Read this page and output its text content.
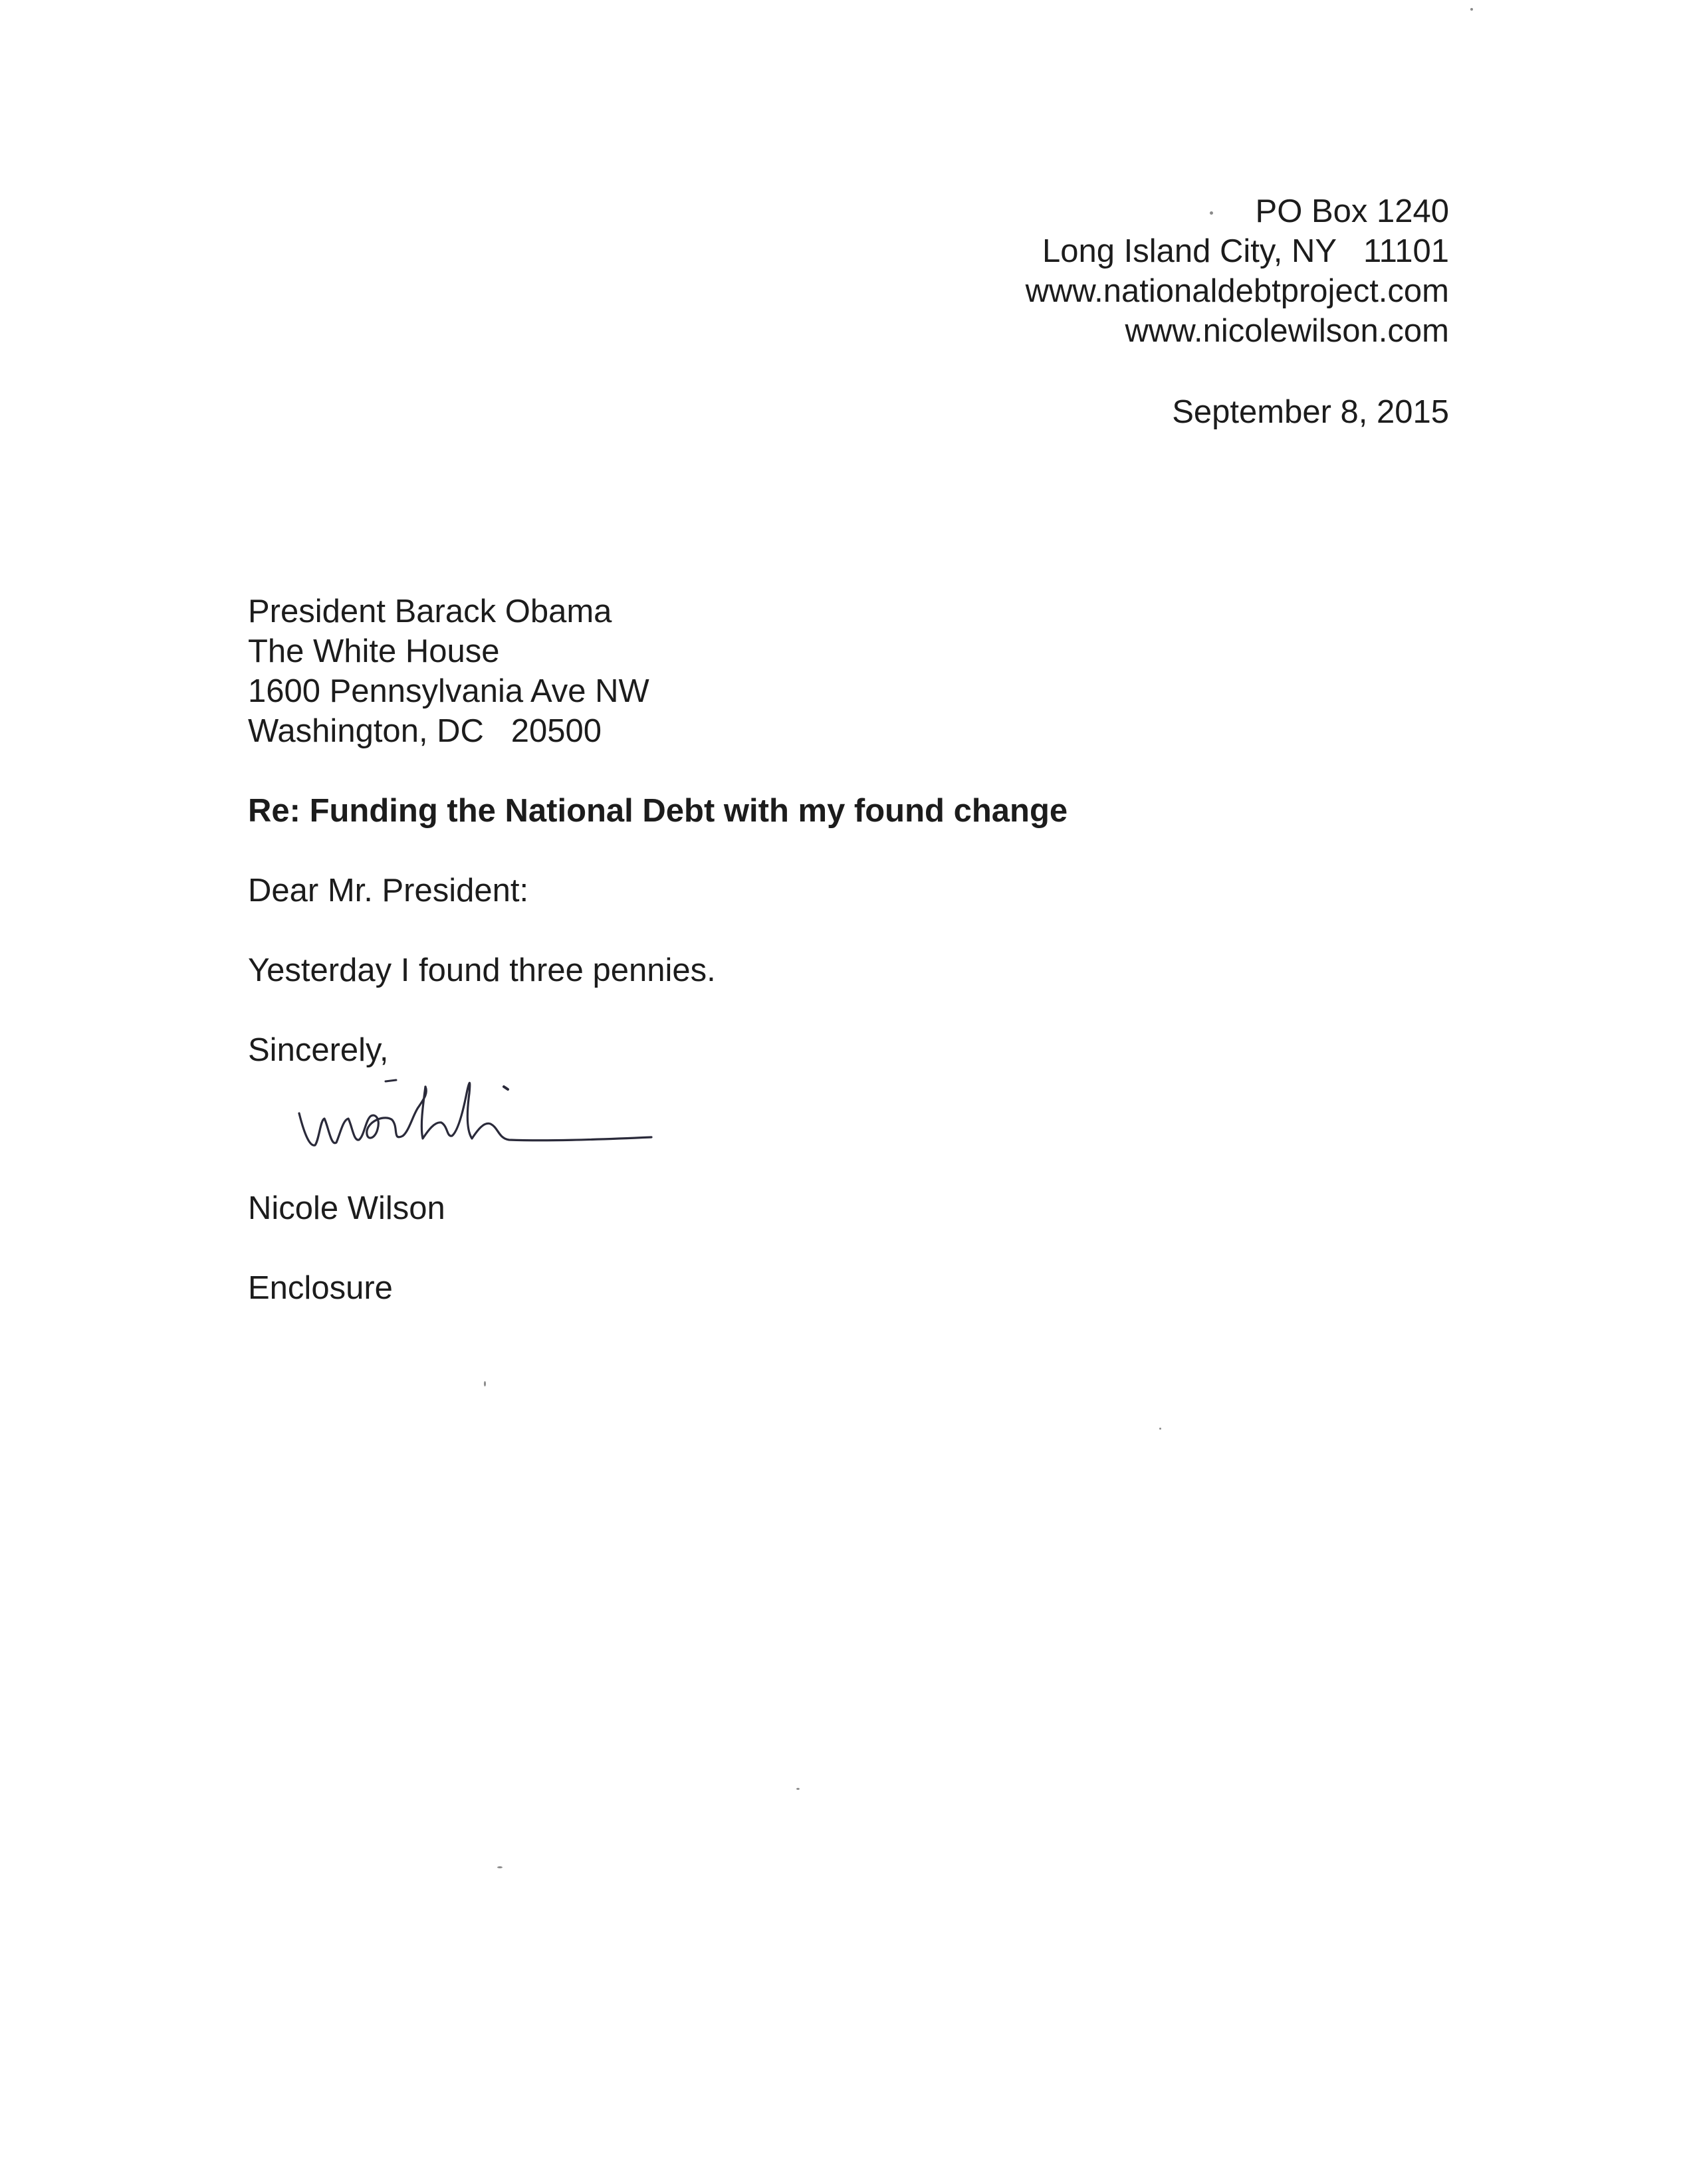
PO Box 1240
Long Island City, NY   11101
www.nationaldebtproject.com
www.nicolewilson.com
September 8, 2015
President Barack Obama
The White House
1600 Pennsylvania Ave NW
Washington, DC   20500
Re: Funding the National Debt with my found change
Dear Mr. President:
Yesterday I found three pennies.
Sincerely,
Nicole Wilson
Enclosure
